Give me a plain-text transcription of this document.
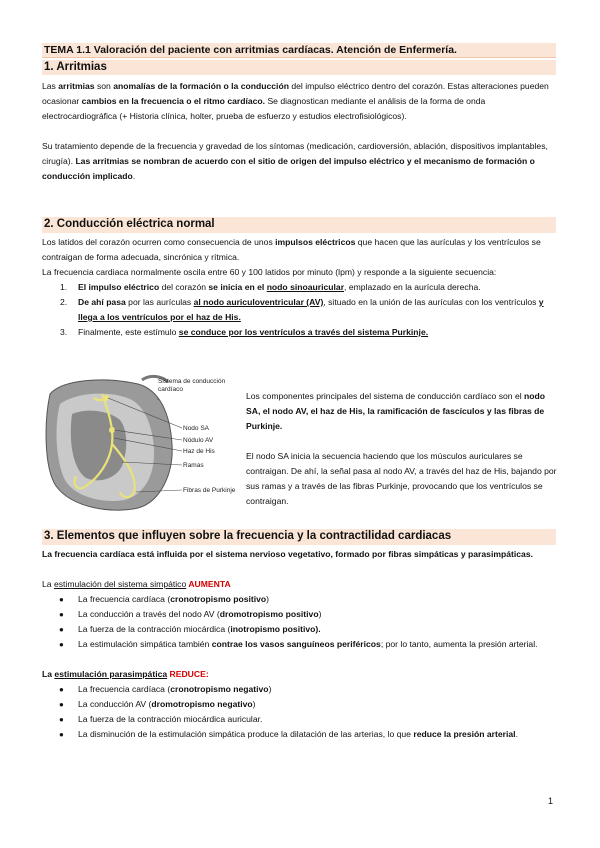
TEMA 1.1 Valoración del paciente con arritmias cardíacas. Atención de Enfermería.
1. Arritmias

Las arritmias son anomalías de la formación o la conducción del impulso eléctrico dentro del corazón. Estas alteraciones pueden ocasionar cambios en la frecuencia o el ritmo cardíaco. Se diagnostican mediante el análisis de la forma de onda electrocardiográfica (+ Historia clínica, holter, prueba de esfuerzo y estudios electrofisiológicos).

Su tratamiento depende de la frecuencia y gravedad de los síntomas (medicación, cardioversión, ablación, dispositivos implantables, cirugía). Las arritmias se nombran de acuerdo con el sitio de origen del impulso eléctrico y el mecanismo de formación o conducción implicado.

2. Conducción eléctrica normal

Los latidos del corazón ocurren como consecuencia de unos impulsos eléctricos que hacen que las aurículas y los ventrículos se contraigan de forma adecuada, sincrónica y rítmica.

La frecuencia cardiaca normalmente oscila entre 60 y 100 latidos por minuto (lpm) y responde a la siguiente secuencia:

1. El impulso eléctrico del corazón se inicia en el nodo sinoauricular, emplazado en la aurícula derecha.
2. De ahí pasa por las aurículas al nodo auriculoventricular (AV), situado en la unión de las aurículas con los ventrículos y llega a los ventrículos por el haz de His.
3. Finalmente, este estímulo se conduce por los ventrículos a través del sistema Purkinje.
Sistema de conducción
cardíaco
Nodo SA
Nódulo AV
Haz de His
Ramas
Fibras de Purkinje

Los componentes principales del sistema de conducción cardíaco son el nodo SA, el nodo AV, el haz de His, la ramificación de fascículos y las fibras de Purkinje.

El nodo SA inicia la secuencia haciendo que los músculos auriculares se contraigan. De ahí, la señal pasa al nodo AV, a través del haz de His, bajando por sus ramas y a través de las fibras Purkinje, provocando que los ventrículos se contraigan.

3. Elementos que influyen sobre la frecuencia y la contractilidad cardiacas

La frecuencia cardíaca está influida por el sistema nervioso vegetativo, formado por fibras simpáticas y parasimpáticas.

La estimulación del sistema simpático AUMENTA

● La frecuencia cardíaca (cronotropismo positivo)
● La conducción a través del nodo AV (dromotropismo positivo)
● La fuerza de la contracción miocárdica (inotropismo positivo).
● La estimulación simpática también contrae los vasos sanguíneos periféricos; por lo tanto, aumenta la presión arterial.

La estimulación parasimpática REDUCE:

● La frecuencia cardíaca (cronotropismo negativo)
● La conducción AV (dromotropismo negativo)
● La fuerza de la contracción miocárdica auricular.
● La disminución de la estimulación simpática produce la dilatación de las arterias, lo que reduce la presión arterial.
1
